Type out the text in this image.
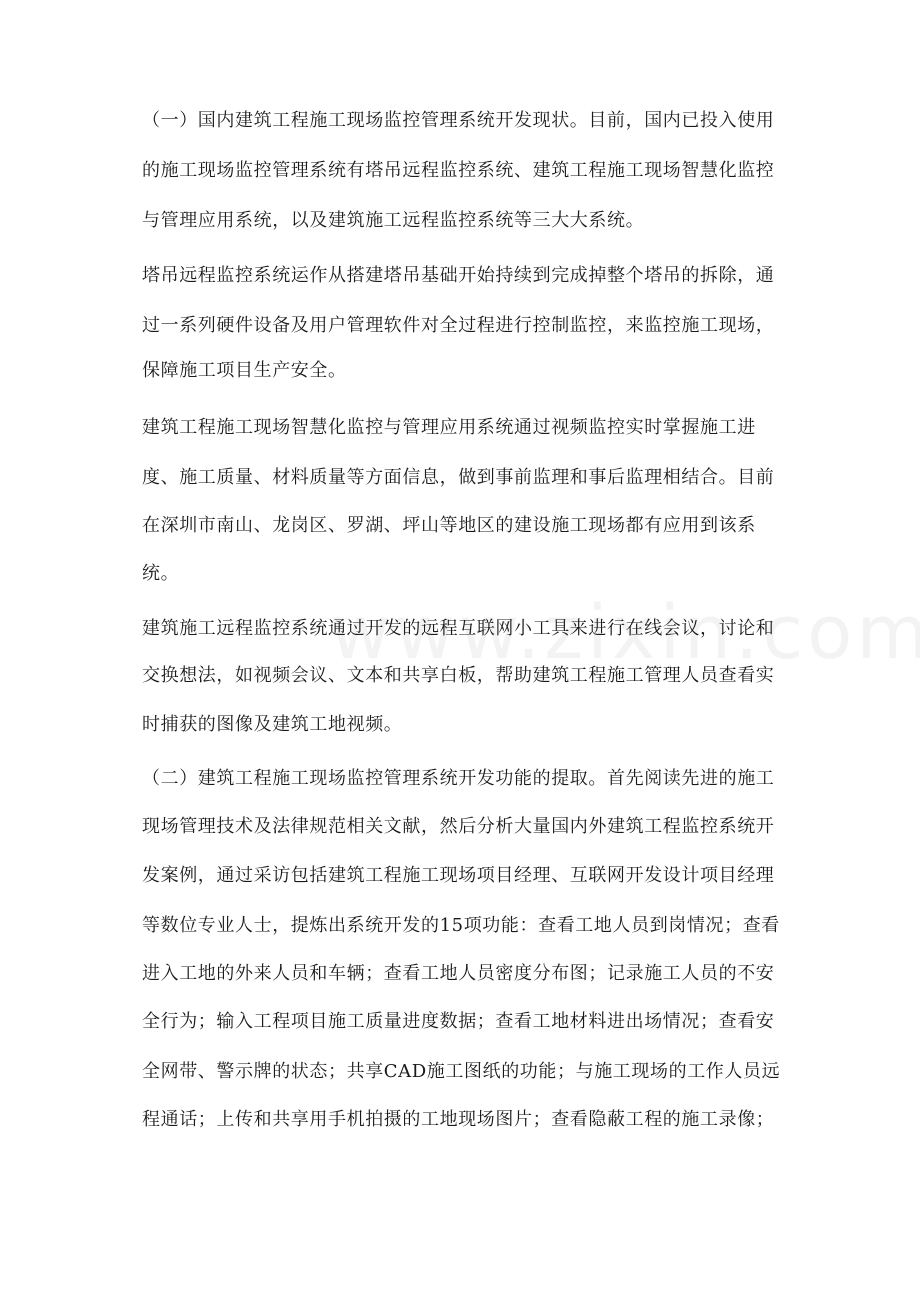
（一）国内建筑工程施工现场监控管理系统开发现状。目前，国内已投入使用
的施工现场监控管理系统有塔吊远程监控系统、建筑工程施工现场智慧化监控
与管理应用系统，以及建筑施工远程监控系统等三大大系统。
塔吊远程监控系统运作从搭建塔吊基础开始持续到完成掉整个塔吊的拆除，通
过一系列硬件设备及用户管理软件对全过程进行控制监控，来监控施工现场，
保障施工项目生产安全。
建筑工程施工现场智慧化监控与管理应用系统通过视频监控实时掌握施工进
度、施工质量、材料质量等方面信息，做到事前监理和事后监理相结合。目前
在深圳市南山、龙岗区、罗湖、坪山等地区的建设施工现场都有应用到该系
统。
建筑施工远程监控系统通过开发的远程互联网小工具来进行在线会议，讨论和
交换想法，如视频会议、文本和共享白板，帮助建筑工程施工管理人员查看实
时捕获的图像及建筑工地视频。
（二）建筑工程施工现场监控管理系统开发功能的提取。首先阅读先进的施工
现场管理技术及法律规范相关文献，然后分析大量国内外建筑工程监控系统开
发案例，通过采访包括建筑工程施工现场项目经理、互联网开发设计项目经理
等数位专业人士，提炼出系统开发的15项功能：查看工地人员到岗情况；查看
进入工地的外来人员和车辆；查看工地人员密度分布图；记录施工人员的不安
全行为；输入工程项目施工质量进度数据；查看工地材料进出场情况；查看安
全网带、警示牌的状态；共享CAD施工图纸的功能；与施工现场的工作人员远
程通话；上传和共享用手机拍摄的工地现场图片；查看隐蔽工程的施工录像；
